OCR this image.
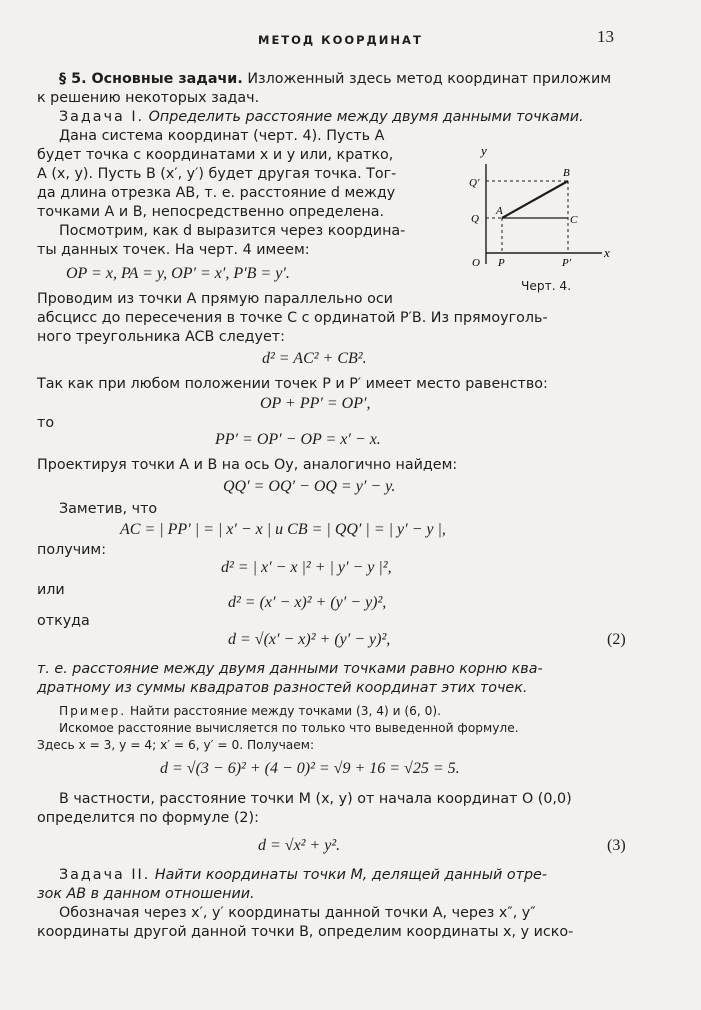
МЕТОД КООРДИНАТ	13
§ 5. Основные задачи. Изложенный здесь метод координат приложим
к решению некоторых задач.
Задача I. Определить расстояние между двумя данными точками.
Дана система координат (черт. 4). Пусть A
будет точка с координатами x и y или, кратко,
A (x, y). Пусть B (x′, y′) будет другая точка. Тог-
да длина отрезка AB, т. е. расстояние d между
точками A и B, непосредственно определена.
Посмотрим, как d выразится через координа-
ты данных точек. На черт. 4 имеем:
OP = x, PA = y, OP′ = x′, P′B = y′.
y
x
B
A
C
Q′
Q
O P	P′
Черт. 4.
Проводим из точки A прямую параллельно оси
абсцисс до пересечения в точке C с ординатой P′B. Из прямоуголь-
ного треугольника ACB следует:
d² = AC² + CB².
Так как при любом положении точек P и P′ имеет место равенство:
OP + PP′ = OP′,
то
PP′ = OP′ − OP = x′ − x.
Проектируя точки A и B на ось Oy, аналогично найдем:
QQ′ = OQ′ − OQ = y′ − y.
Заметив, что
AC = | PP′ | = | x′ − x | и CB = | QQ′ | = | y′ − y |,
получим:
d² = | x′ − x |² + | y′ − y |²,
или
d² = (x′ − x)² + (y′ − y)²,
откуда
d = √(x′ − x)² + (y′ − y)²,	(2)
т. е. расстояние между двумя данными точками равно корню ква-
дратному из суммы квадратов разностей координат этих точек.
Пример. Найти расстояние между точками (3, 4) и (6, 0).
Искомое расстояние вычисляется по только что выведенной формуле.
Здесь x = 3, y = 4; x′ = 6, y′ = 0. Получаем:
d = √(3 − 6)² + (4 − 0)² = √9 + 16 = √25 = 5.
В частности, расстояние точки M (x, y) от начала координат O (0,0)
определится по формуле (2):
d = √x² + y².	(3)
Задача II. Найти координаты точки M, делящей данный отре-
зок AB в данном отношении.
Обозначая через x′, y′ координаты данной точки A, через x″, y″
координаты другой данной точки B, определим координаты x, y иско-
